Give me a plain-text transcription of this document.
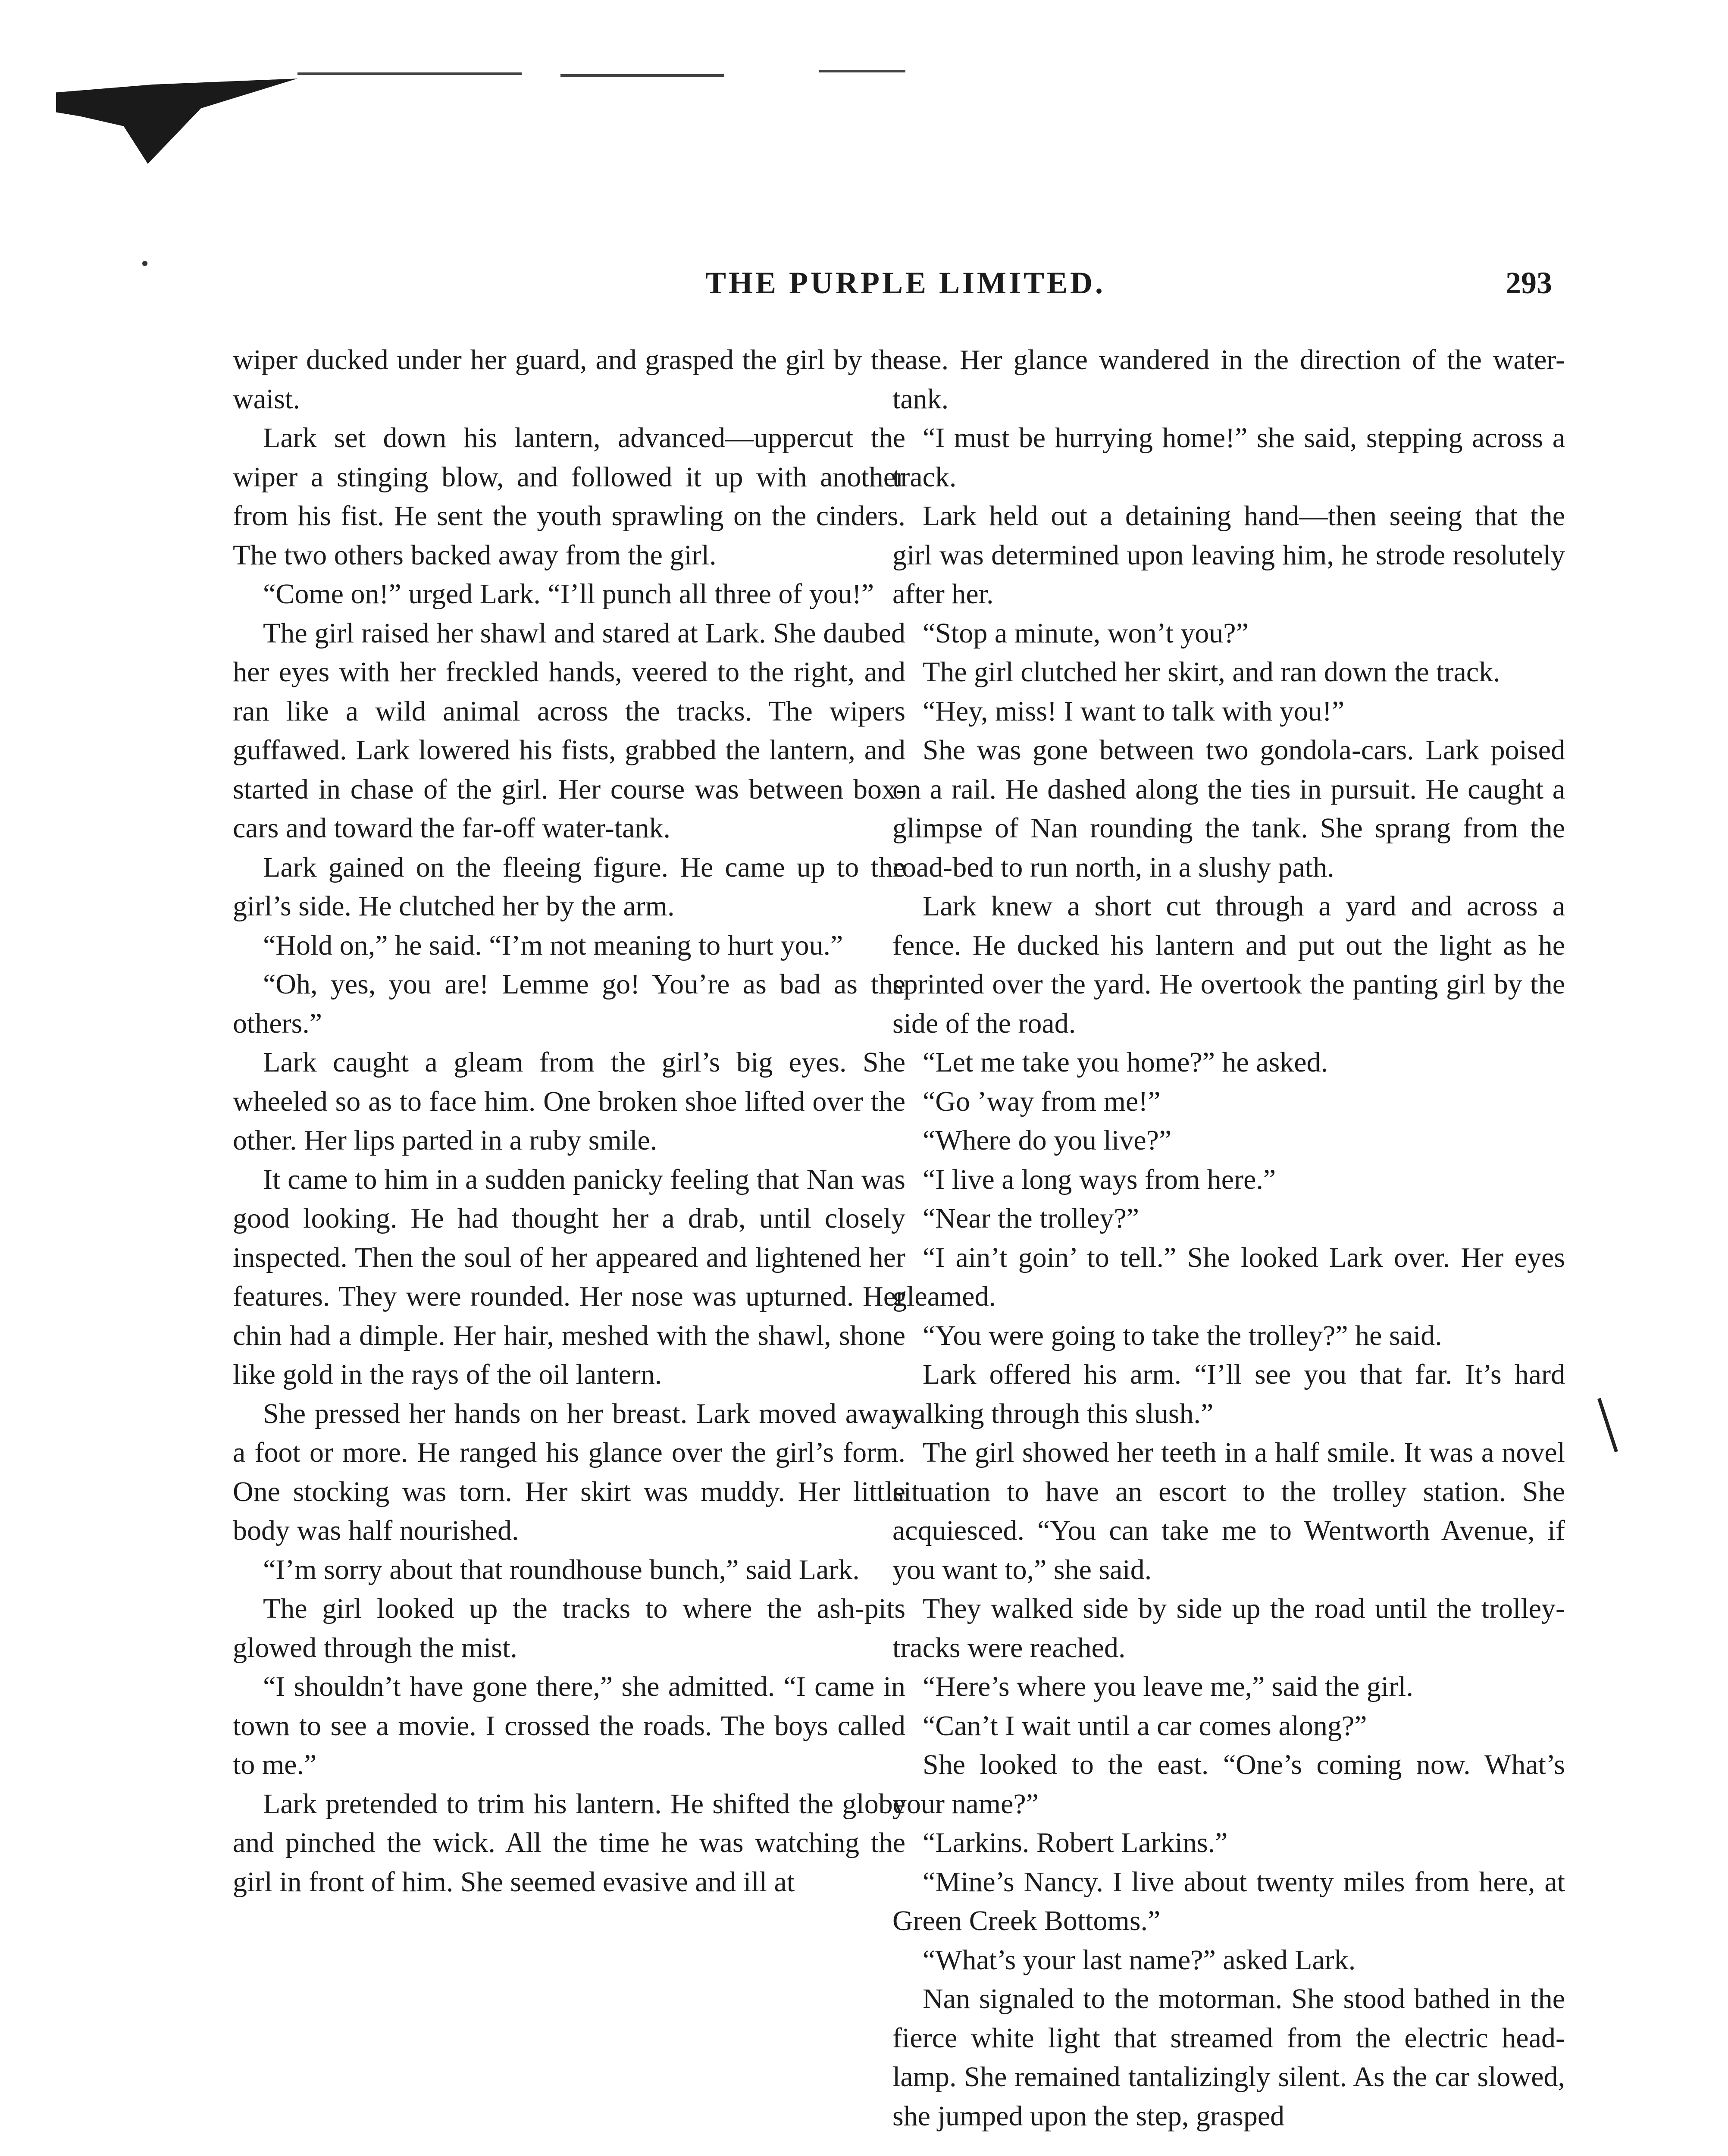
THE PURPLE LIMITED.	293

wiper ducked under her guard, and grasped the girl by the waist.

Lark set down his lantern, advanced—uppercut the wiper a stinging blow, and followed it up with another from his fist. He sent the youth sprawling on the cinders. The two others backed away from the girl.

“Come on!” urged Lark. “I’ll punch all three of you!”

The girl raised her shawl and stared at Lark. She daubed her eyes with her freckled hands, veered to the right, and ran like a wild animal across the tracks. The wipers guffawed. Lark lowered his fists, grabbed the lantern, and started in chase of the girl. Her course was between box-cars and toward the far-off water-tank.

Lark gained on the fleeing figure. He came up to the girl’s side. He clutched her by the arm.

“Hold on,” he said. “I’m not meaning to hurt you.”

“Oh, yes, you are! Lemme go! You’re as bad as the others.”

Lark caught a gleam from the girl’s big eyes. She wheeled so as to face him. One broken shoe lifted over the other. Her lips parted in a ruby smile.

It came to him in a sudden panicky feeling that Nan was good looking. He had thought her a drab, until closely inspected. Then the soul of her appeared and lightened her features. They were rounded. Her nose was upturned. Her chin had a dimple. Her hair, meshed with the shawl, shone like gold in the rays of the oil lantern.

She pressed her hands on her breast. Lark moved away a foot or more. He ranged his glance over the girl’s form. One stocking was torn. Her skirt was muddy. Her little body was half nourished.

“I’m sorry about that roundhouse bunch,” said Lark.

The girl looked up the tracks to where the ash-pits glowed through the mist.

“I shouldn’t have gone there,” she admitted. “I came in town to see a movie. I crossed the roads. The boys called to me.”

Lark pretended to trim his lantern. He shifted the globe and pinched the wick. All the time he was watching the girl in front of him. She seemed evasive and ill at

ease. Her glance wandered in the direction of the water-tank.

“I must be hurrying home!” she said, stepping across a track.

Lark held out a detaining hand—then seeing that the girl was determined upon leaving him, he strode resolutely after her.

“Stop a minute, won’t you?”

The girl clutched her skirt, and ran down the track.

“Hey, miss! I want to talk with you!”

She was gone between two gondola-cars. Lark poised on a rail. He dashed along the ties in pursuit. He caught a glimpse of Nan rounding the tank. She sprang from the road-bed to run north, in a slushy path.

Lark knew a short cut through a yard and across a fence. He ducked his lantern and put out the light as he sprinted over the yard. He overtook the panting girl by the side of the road.

“Let me take you home?” he asked.

“Go ’way from me!”

“Where do you live?”

“I live a long ways from here.”

“Near the trolley?”

“I ain’t goin’ to tell.” She looked Lark over. Her eyes gleamed.

“You were going to take the trolley?” he said.

Lark offered his arm. “I’ll see you that far. It’s hard walking through this slush.”

The girl showed her teeth in a half smile. It was a novel situation to have an escort to the trolley station. She acquiesced. “You can take me to Wentworth Avenue, if you want to,” she said.

They walked side by side up the road until the trolley-tracks were reached.

“Here’s where you leave me,” said the girl.

“Can’t I wait until a car comes along?”

She looked to the east. “One’s coming now. What’s your name?”

“Larkins. Robert Larkins.”

“Mine’s Nancy. I live about twenty miles from here, at Green Creek Bottoms.”

“What’s your last name?” asked Lark.

Nan signaled to the motorman. She stood bathed in the fierce white light that streamed from the electric head-lamp. She remained tantalizingly silent. As the car slowed, she jumped upon the step, grasped
